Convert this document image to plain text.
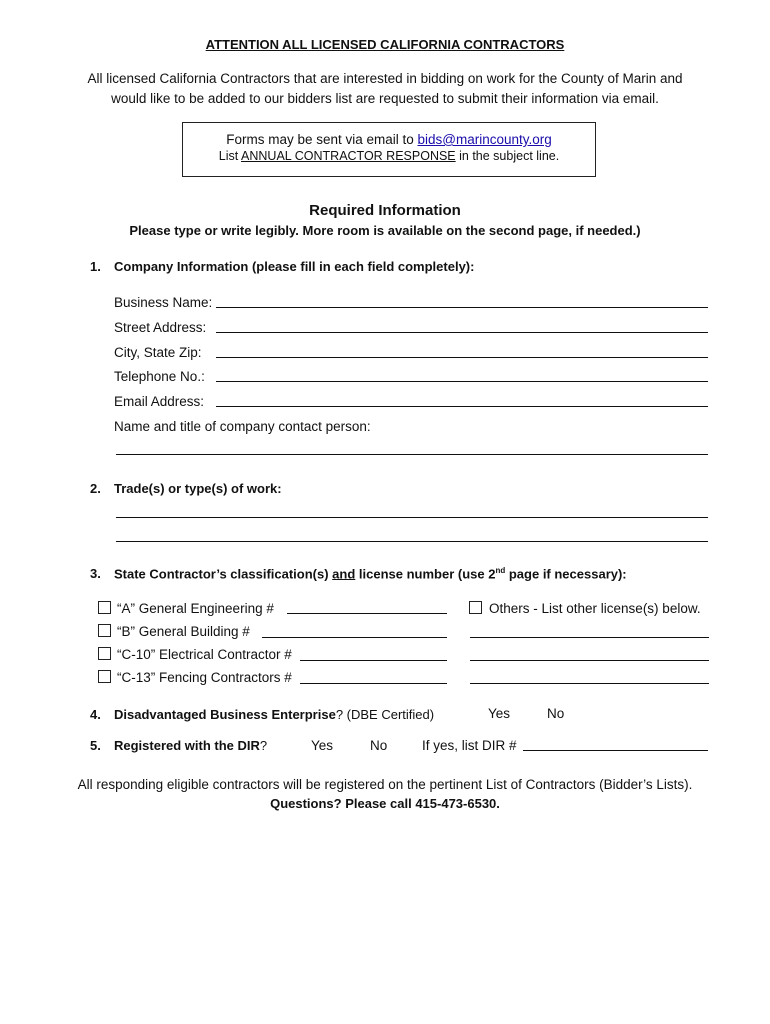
ATTENTION ALL LICENSED CALIFORNIA CONTRACTORS
All licensed California Contractors that are interested in bidding on work for the County of Marin and
would like to be added to our bidders list are requested to submit their information via email.
Forms may be sent via email to bids@marincounty.org
List ANNUAL CONTRACTOR RESPONSE in the subject line.
Required Information
Please type or write legibly. More room is available on the second page, if needed.)
1. Company Information (please fill in each field completely):
Business Name:
Street Address:
City, State Zip:
Telephone No.:
Email Address:
Name and title of company contact person:
2. Trade(s) or type(s) of work:
3. State Contractor’s classification(s) and license number (use 2nd page if necessary):
“A” General Engineering #
“B” General Building #
“C-10” Electrical Contractor #
“C-13” Fencing Contractors #
Others - List other license(s) below.
4. Disadvantaged Business Enterprise? (DBE Certified)	Yes	No
5. Registered with the DIR?	Yes	No	If yes, list DIR #
All responding eligible contractors will be registered on the pertinent List of Contractors (Bidder’s Lists).
Questions? Please call 415-473-6530.
